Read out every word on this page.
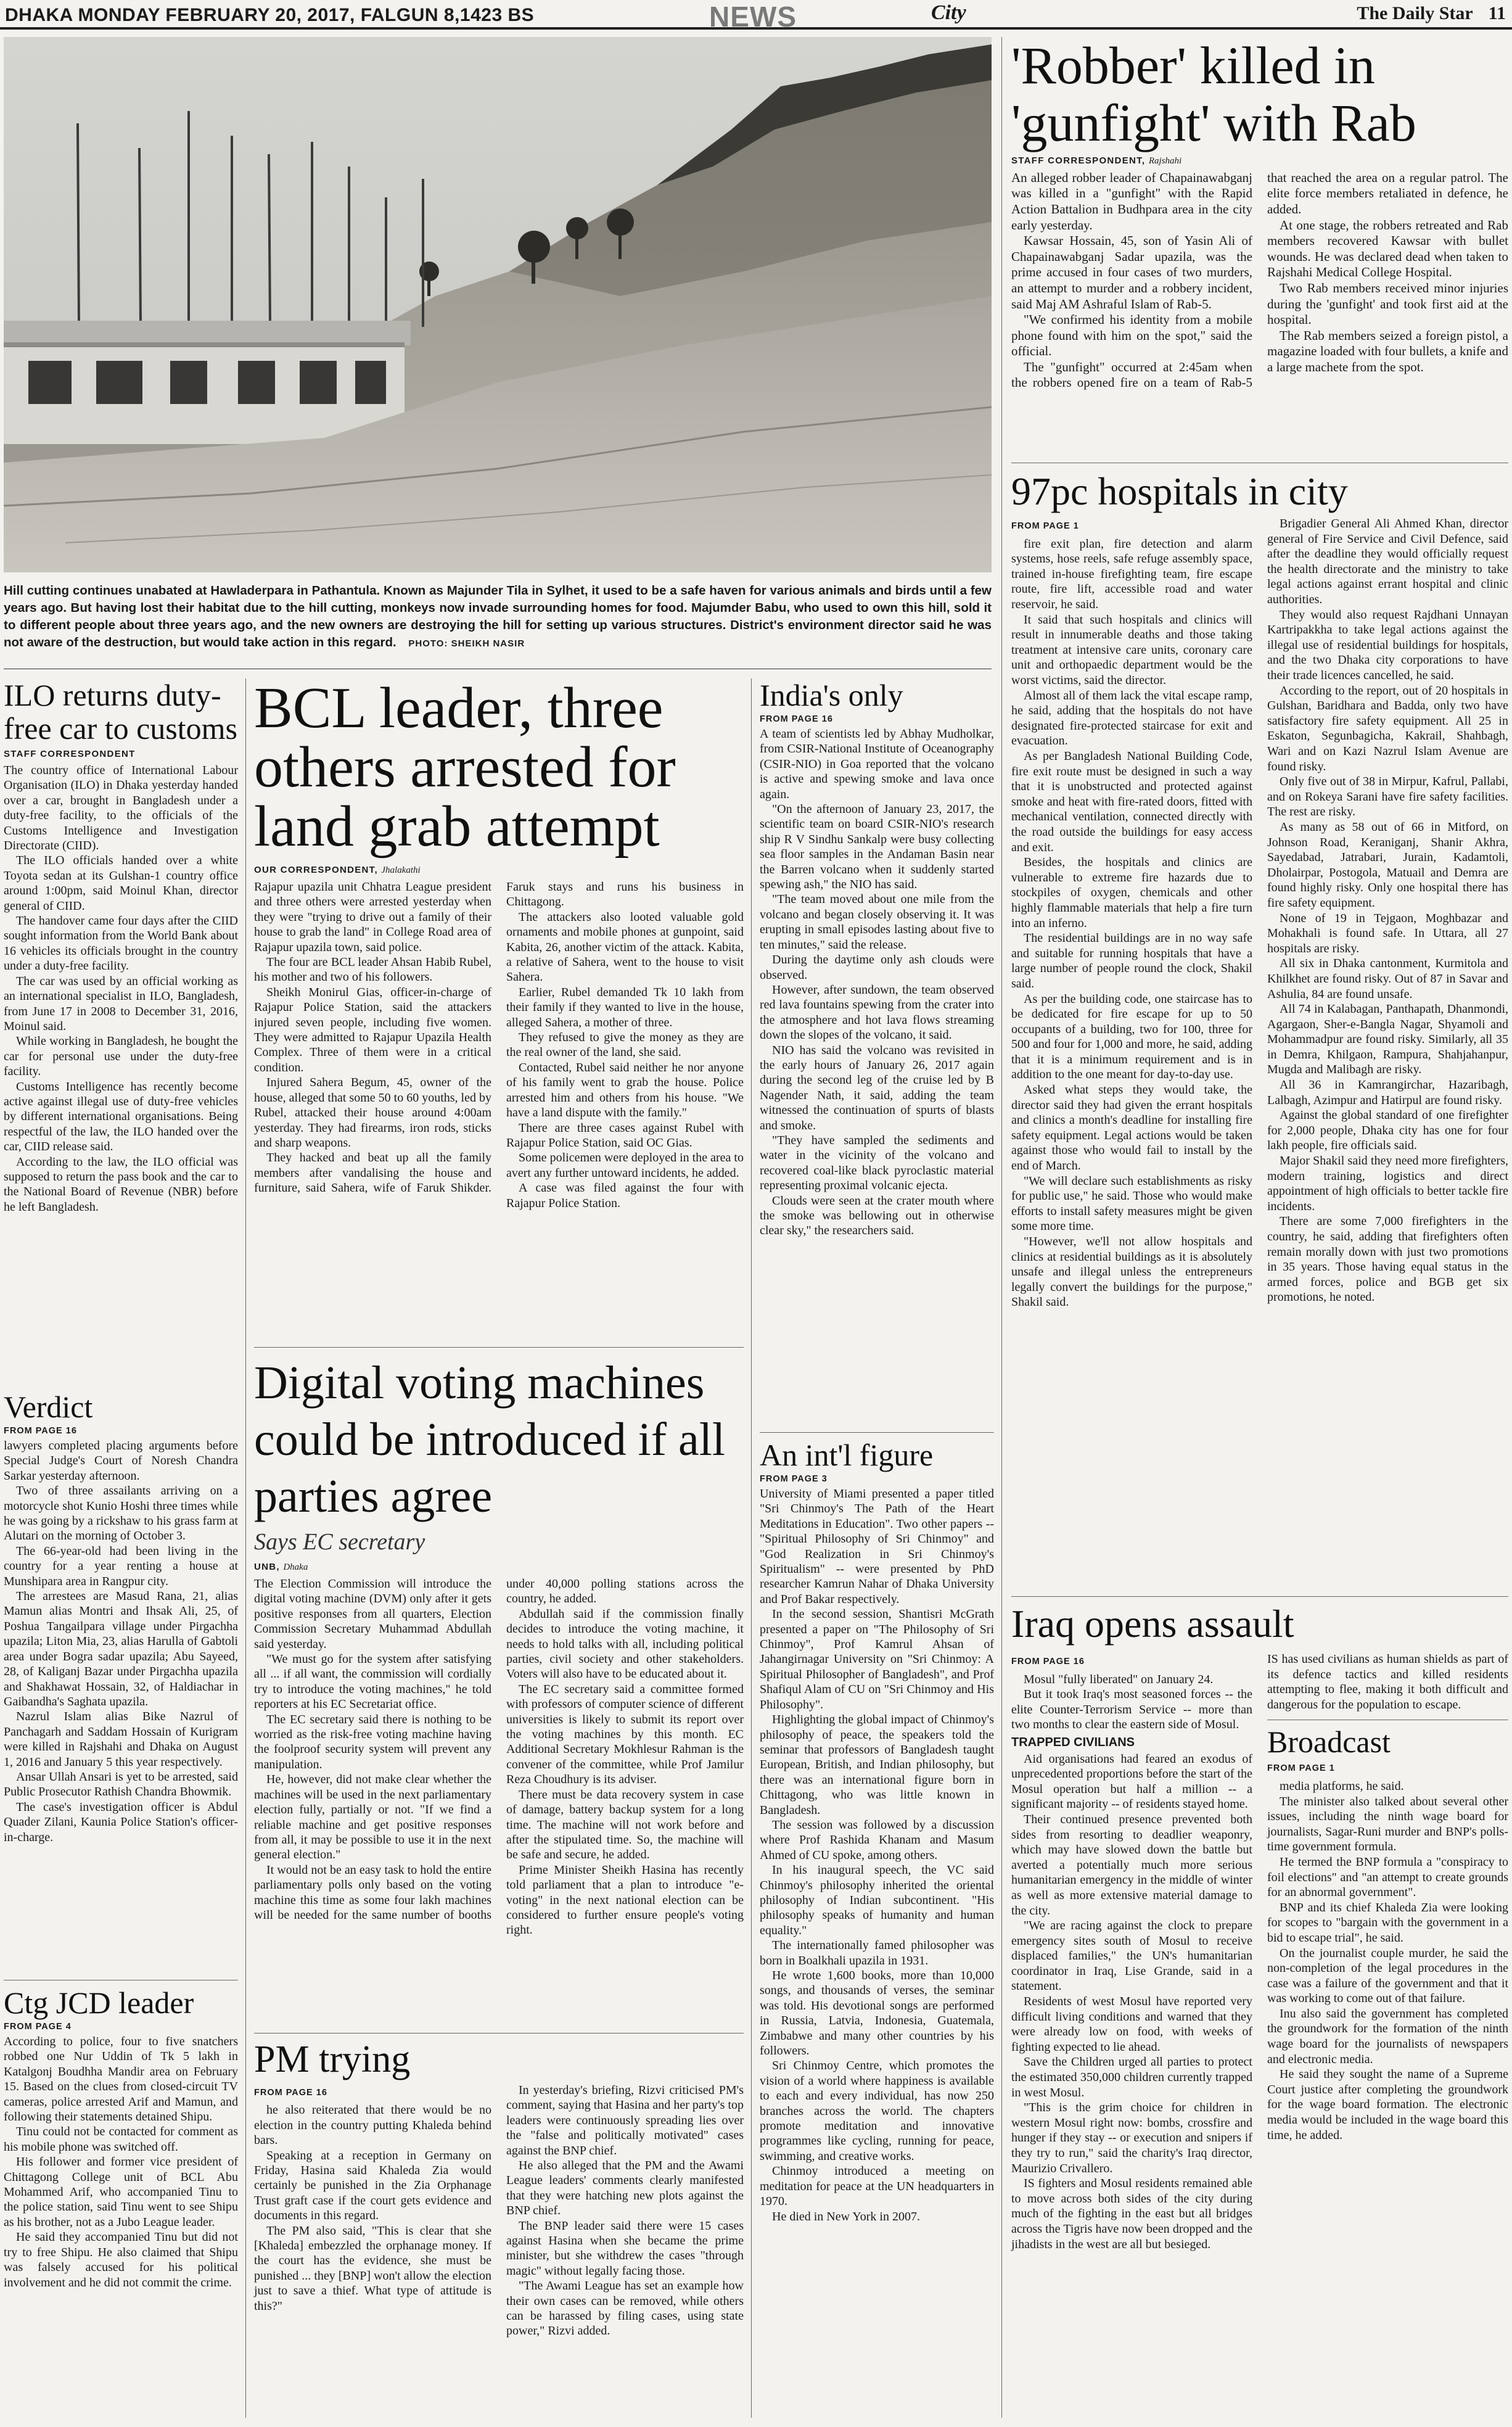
DHAKA MONDAY FEBRUARY 20, 2017, FALGUN 8,1423 BS	NEWS	City	The Daily Star 11
Hill cutting continues unabated at Hawladerpara in Pathantula. Known as Majunder Tila in Sylhet, it used to be a safe haven for various animals and birds until a few years ago. But having lost their habitat due to the hill cutting, monkeys now invade surrounding homes for food. Majumder Babu, who used to own this hill, sold it to different people about three years ago, and the new owners are destroying the hill for setting up various structures. District's environment director said he was not aware of the destruction, but would take action in this regard. PHOTO: SHEIKH NASIR
'Robber' killed in 'gunfight' with Rab
STAFF CORRESPONDENT, Rajshahi

An alleged robber leader of Chapainawabganj was killed in a "gunfight" with the Rapid Action Battalion in Budhpara area in the city early yesterday.

Kawsar Hossain, 45, son of Yasin Ali of Chapainawabganj Sadar upazila, was the prime accused in four cases of two murders, an attempt to murder and a robbery incident, said Maj AM Ashraful Islam of Rab-5.

"We confirmed his identity from a mobile phone found with him on the spot," said the official.

The "gunfight" occurred at 2:45am when the robbers opened fire on a team of Rab-5 that reached the area on a regular patrol. The elite force members retaliated in defence, he added.

At one stage, the robbers retreated and Rab members recovered Kawsar with bullet wounds. He was declared dead when taken to Rajshahi Medical College Hospital.

Two Rab members received minor injuries during the 'gunfight' and took first aid at the hospital.

The Rab members seized a foreign pistol, a magazine loaded with four bullets, a knife and a large machete from the spot.

97pc hospitals in city
FROM PAGE 1

fire exit plan, fire detection and alarm systems, hose reels, safe refuge assembly space, trained in-house firefighting team, fire escape route, fire lift, accessible road and water reservoir, he said.

It said that such hospitals and clinics will result in innumerable deaths and those taking treatment at intensive care units, coronary care unit and orthopaedic department would be the worst victims, said the director.

Almost all of them lack the vital escape ramp, he said, adding that the hospitals do not have designated fire-protected staircase for exit and evacuation.

As per Bangladesh National Building Code, fire exit route must be designed in such a way that it is unobstructed and protected against smoke and heat with fire-rated doors, fitted with mechanical ventilation, connected directly with the road outside the buildings for easy access and exit.

Besides, the hospitals and clinics are vulnerable to extreme fire hazards due to stockpiles of oxygen, chemicals and other highly flammable materials that help a fire turn into an inferno.

The residential buildings are in no way safe and suitable for running hospitals that have a large number of people round the clock, Shakil said.

As per the building code, one staircase has to be dedicated for fire escape for up to 50 occupants of a building, two for 100, three for 500 and four for 1,000 and more, he said, adding that it is a minimum requirement and is in addition to the one meant for day-to-day use.

Asked what steps they would take, the director said they had given the errant hospitals and clinics a month's deadline for installing fire safety equipment. Legal actions would be taken against those who would fail to install by the end of March.

"We will declare such establishments as risky for public use," he said. Those who would make efforts to install safety measures might be given some more time.

"However, we'll not allow hospitals and clinics at residential buildings as it is absolutely unsafe and illegal unless the entrepreneurs legally convert the buildings for the purpose," Shakil said.

Brigadier General Ali Ahmed Khan, director general of Fire Service and Civil Defence, said after the deadline they would officially request the health directorate and the ministry to take legal actions against errant hospital and clinic authorities.

They would also request Rajdhani Unnayan Kartripakkha to take legal actions against the illegal use of residential buildings for hospitals, and the two Dhaka city corporations to have their trade licences cancelled, he said.

According to the report, out of 20 hospitals in Gulshan, Baridhara and Badda, only two have satisfactory fire safety equipment. All 25 in Eskaton, Segunbagicha, Kakrail, Shahbagh, Wari and on Kazi Nazrul Islam Avenue are found risky.

Only five out of 38 in Mirpur, Kafrul, Pallabi, and on Rokeya Sarani have fire safety facilities. The rest are risky.

As many as 58 out of 66 in Mitford, on Johnson Road, Keraniganj, Shanir Akhra, Sayedabad, Jatrabari, Jurain, Kadamtoli, Dholairpar, Postogola, Matuail and Demra are found highly risky. Only one hospital there has fire safety equipment.

None of 19 in Tejgaon, Moghbazar and Mohakhali is found safe. In Uttara, all 27 hospitals are risky.

All six in Dhaka cantonment, Kurmitola and Khilkhet are found risky. Out of 87 in Savar and Ashulia, 84 are found unsafe.

All 74 in Kalabagan, Panthapath, Dhanmondi, Agargaon, Sher-e-Bangla Nagar, Shyamoli and Mohammadpur are found risky. Similarly, all 35 in Demra, Khilgaon, Rampura, Shahjahanpur, Mugda and Malibagh are risky.

All 36 in Kamrangirchar, Hazaribagh, Lalbagh, Azimpur and Hatirpul are found risky.

Against the global standard of one firefighter for 2,000 people, Dhaka city has one for four lakh people, fire officials said.

Major Shakil said they need more firefighters, modern training, logistics and direct appointment of high officials to better tackle fire incidents.

There are some 7,000 firefighters in the country, he said, adding that firefighters often remain morally down with just two promotions in 35 years. Those having equal status in the armed forces, police and BGB get six promotions, he noted.

Iraq opens assault
FROM PAGE 16

Mosul "fully liberated" on January 24.

But it took Iraq's most seasoned forces -- the elite Counter-Terrorism Service -- more than two months to clear the eastern side of Mosul.

TRAPPED CIVILIANS

Aid organisations had feared an exodus of unprecedented proportions before the start of the Mosul operation but half a million -- a significant majority -- of residents stayed home.

Their continued presence prevented both sides from resorting to deadlier weaponry, which may have slowed down the battle but averted a potentially much more serious humanitarian emergency in the middle of winter as well as more extensive material damage to the city.

"We are racing against the clock to prepare emergency sites south of Mosul to receive displaced families," the UN's humanitarian coordinator in Iraq, Lise Grande, said in a statement.

Residents of west Mosul have reported very difficult living conditions and warned that they were already low on food, with weeks of fighting expected to lie ahead.

Save the Children urged all parties to protect the estimated 350,000 children currently trapped in west Mosul.

"This is the grim choice for children in western Mosul right now: bombs, crossfire and hunger if they stay -- or execution and snipers if they try to run," said the charity's Iraq director, Maurizio Crivallero.

IS fighters and Mosul residents remained able to move across both sides of the city during much of the fighting in the east but all bridges across the Tigris have now been dropped and the jihadists in the west are all but besieged.

IS has used civilians as human shields as part of its defence tactics and killed residents attempting to flee, making it both difficult and dangerous for the population to escape.

Broadcast
FROM PAGE 1

media platforms, he said.

The minister also talked about several other issues, including the ninth wage board for journalists, Sagar-Runi murder and BNP's polls-time government formula.

He termed the BNP formula a "conspiracy to foil elections" and "an attempt to create grounds for an abnormal government".

BNP and its chief Khaleda Zia were looking for scopes to "bargain with the government in a bid to escape trial", he said.

On the journalist couple murder, he said the non-completion of the legal procedures in the case was a failure of the government and that it was working to come out of that failure.

Inu also said the government has completed the groundwork for the formation of the ninth wage board for the journalists of newspapers and electronic media.

He said they sought the name of a Supreme Court justice after completing the groundwork for the wage board formation. The electronic media would be included in the wage board this time, he added.

ILO returns duty-free car to customs
STAFF CORRESPONDENT

The country office of International Labour Organisation (ILO) in Dhaka yesterday handed over a car, brought in Bangladesh under a duty-free facility, to the officials of the Customs Intelligence and Investigation Directorate (CIID).

The ILO officials handed over a white Toyota sedan at its Gulshan-1 country office around 1:00pm, said Moinul Khan, director general of CIID.

The handover came four days after the CIID sought information from the World Bank about 16 vehicles its officials brought in the country under a duty-free facility.

The car was used by an official working as an international specialist in ILO, Bangladesh, from June 17 in 2008 to December 31, 2016, Moinul said.

While working in Bangladesh, he bought the car for personal use under the duty-free facility.

Customs Intelligence has recently become active against illegal use of duty-free vehicles by different international organisations. Being respectful of the law, the ILO handed over the car, CIID release said.

According to the law, the ILO official was supposed to return the pass book and the car to the National Board of Revenue (NBR) before he left Bangladesh.

Verdict
FROM PAGE 16

lawyers completed placing arguments before Special Judge's Court of Noresh Chandra Sarkar yesterday afternoon.

Two of three assailants arriving on a motorcycle shot Kunio Hoshi three times while he was going by a rickshaw to his grass farm at Alutari on the morning of October 3.

The 66-year-old had been living in the country for a year renting a house at Munshipara area in Rangpur city.

The arrestees are Masud Rana, 21, alias Mamun alias Montri and Ihsak Ali, 25, of Poshua Tangailpara village under Pirgachha upazila; Liton Mia, 23, alias Harulla of Gabtoli area under Bogra sadar upazila; Abu Sayeed, 28, of Kaliganj Bazar under Pirgachha upazila and Shakhawat Hossain, 32, of Haldiachar in Gaibandha's Saghata upazila.

Nazrul Islam alias Bike Nazrul of Panchagarh and Saddam Hossain of Kurigram were killed in Rajshahi and Dhaka on August 1, 2016 and January 5 this year respectively.

Ansar Ullah Ansari is yet to be arrested, said Public Prosecutor Rathish Chandra Bhowmik.

The case's investigation officer is Abdul Quader Zilani, Kaunia Police Station's officer-in-charge.

Ctg JCD leader
FROM PAGE 4

According to police, four to five snatchers robbed one Nur Uddin of Tk 5 lakh in Katalgonj Boudhha Mandir area on February 15. Based on the clues from closed-circuit TV cameras, police arrested Arif and Mamun, and following their statements detained Shipu.

Tinu could not be contacted for comment as his mobile phone was switched off.

His follower and former vice president of Chittagong College unit of BCL Abu Mohammed Arif, who accompanied Tinu to the police station, said Tinu went to see Shipu as his brother, not as a Jubo League leader.

He said they accompanied Tinu but did not try to free Shipu. He also claimed that Shipu was falsely accused for his political involvement and he did not commit the crime.

BCL leader, three others arrested for land grab attempt
OUR CORRESPONDENT, Jhalakathi

Rajapur upazila unit Chhatra League president and three others were arrested yesterday when they were "trying to drive out a family of their house to grab the land" in College Road area of Rajapur upazila town, said police.

The four are BCL leader Ahsan Habib Rubel, his mother and two of his followers.

Sheikh Monirul Gias, officer-in-charge of Rajapur Police Station, said the attackers injured seven people, including five women. They were admitted to Rajapur Upazila Health Complex. Three of them were in a critical condition.

Injured Sahera Begum, 45, owner of the house, alleged that some 50 to 60 youths, led by Rubel, attacked their house around 4:00am yesterday. They had firearms, iron rods, sticks and sharp weapons.

They hacked and beat up all the family members after vandalising the house and furniture, said Sahera, wife of Faruk Shikder. Faruk stays and runs his business in Chittagong.

The attackers also looted valuable gold ornaments and mobile phones at gunpoint, said Kabita, 26, another victim of the attack. Kabita, a relative of Sahera, went to the house to visit Sahera.

Earlier, Rubel demanded Tk 10 lakh from their family if they wanted to live in the house, alleged Sahera, a mother of three.

They refused to give the money as they are the real owner of the land, she said.

Contacted, Rubel said neither he nor anyone of his family went to grab the house. Police arrested him and others from his house. "We have a land dispute with the family."

There are three cases against Rubel with Rajapur Police Station, said OC Gias.

Some policemen were deployed in the area to avert any further untoward incidents, he added.

A case was filed against the four with Rajapur Police Station.

Digital voting machines could be introduced if all parties agree
Says EC secretary
UNB, Dhaka

The Election Commission will introduce the digital voting machine (DVM) only after it gets positive responses from all quarters, Election Commission Secretary Muhammad Abdullah said yesterday.

"We must go for the system after satisfying all ... if all want, the commission will cordially try to introduce the voting machines," he told reporters at his EC Secretariat office.

The EC secretary said there is nothing to be worried as the risk-free voting machine having the foolproof security system will prevent any manipulation.

He, however, did not make clear whether the machines will be used in the next parliamentary election fully, partially or not. "If we find a reliable machine and get positive responses from all, it may be possible to use it in the next general election."

It would not be an easy task to hold the entire parliamentary polls only based on the voting machine this time as some four lakh machines will be needed for the same number of booths under 40,000 polling stations across the country, he added.

Abdullah said if the commission finally decides to introduce the voting machine, it needs to hold talks with all, including political parties, civil society and other stakeholders. Voters will also have to be educated about it.

The EC secretary said a committee formed with professors of computer science of different universities is likely to submit its report over the voting machines by this month. EC Additional Secretary Mokhlesur Rahman is the convener of the committee, while Prof Jamilur Reza Choudhury is its adviser.

There must be data recovery system in case of damage, battery backup system for a long time. The machine will not work before and after the stipulated time. So, the machine will be safe and secure, he added.

Prime Minister Sheikh Hasina has recently told parliament that a plan to introduce "e-voting" in the next national election can be considered to further ensure people's voting right.

PM trying
FROM PAGE 16

he also reiterated that there would be no election in the country putting Khaleda behind bars.

Speaking at a reception in Germany on Friday, Hasina said Khaleda Zia would certainly be punished in the Zia Orphanage Trust graft case if the court gets evidence and documents in this regard.

The PM also said, "This is clear that she [Khaleda] embezzled the orphanage money. If the court has the evidence, she must be punished ... they [BNP] won't allow the election just to save a thief. What type of attitude is this?"

In yesterday's briefing, Rizvi criticised PM's comment, saying that Hasina and her party's top leaders were continuously spreading lies over the "false and politically motivated" cases against the BNP chief.

He also alleged that the PM and the Awami League leaders' comments clearly manifested that they were hatching new plots against the BNP chief.

The BNP leader said there were 15 cases against Hasina when she became the prime minister, but she withdrew the cases "through magic" without legally facing those.

"The Awami League has set an example how their own cases can be removed, while others can be harassed by filing cases, using state power," Rizvi added.

India's only
FROM PAGE 16

A team of scientists led by Abhay Mudholkar, from CSIR-National Institute of Oceanography (CSIR-NIO) in Goa reported that the volcano is active and spewing smoke and lava once again.

"On the afternoon of January 23, 2017, the scientific team on board CSIR-NIO's research ship R V Sindhu Sankalp were busy collecting sea floor samples in the Andaman Basin near the Barren volcano when it suddenly started spewing ash," the NIO has said.

"The team moved about one mile from the volcano and began closely observing it. It was erupting in small episodes lasting about five to ten minutes," said the release.

During the daytime only ash clouds were observed.

However, after sundown, the team observed red lava fountains spewing from the crater into the atmosphere and hot lava flows streaming down the slopes of the volcano, it said.

NIO has said the volcano was revisited in the early hours of January 26, 2017 again during the second leg of the cruise led by B Nagender Nath, it said, adding the team witnessed the continuation of spurts of blasts and smoke.

"They have sampled the sediments and water in the vicinity of the volcano and recovered coal-like black pyroclastic material representing proximal volcanic ejecta.

Clouds were seen at the crater mouth where the smoke was bellowing out in otherwise clear sky," the researchers said.

An int'l figure
FROM PAGE 3

University of Miami presented a paper titled "Sri Chinmoy's The Path of the Heart Meditations in Education". Two other papers -- "Spiritual Philosophy of Sri Chinmoy" and "God Realization in Sri Chinmoy's Spiritualism" -- were presented by PhD researcher Kamrun Nahar of Dhaka University and Prof Bakar respectively.

In the second session, Shantisri McGrath presented a paper on "The Philosophy of Sri Chinmoy", Prof Kamrul Ahsan of Jahangirnagar University on "Sri Chinmoy: A Spiritual Philosopher of Bangladesh", and Prof Shafiqul Alam of CU on "Sri Chinmoy and His Philosophy".

Highlighting the global impact of Chinmoy's philosophy of peace, the speakers told the seminar that professors of Bangladesh taught European, British, and Indian philosophy, but there was an international figure born in Chittagong, who was little known in Bangladesh.

The session was followed by a discussion where Prof Rashida Khanam and Masum Ahmed of CU spoke, among others.

In his inaugural speech, the VC said Chinmoy's philosophy inherited the oriental philosophy of Indian subcontinent. "His philosophy speaks of humanity and human equality."

The internationally famed philosopher was born in Boalkhali upazila in 1931.

He wrote 1,600 books, more than 10,000 songs, and thousands of verses, the seminar was told. His devotional songs are performed in Russia, Latvia, Indonesia, Guatemala, Zimbabwe and many other countries by his followers.

Sri Chinmoy Centre, which promotes the vision of a world where happiness is available to each and every individual, has now 250 branches across the world. The chapters promote meditation and innovative programmes like cycling, running for peace, swimming, and creative works.

Chinmoy introduced a meeting on meditation for peace at the UN headquarters in 1970.

He died in New York in 2007.
